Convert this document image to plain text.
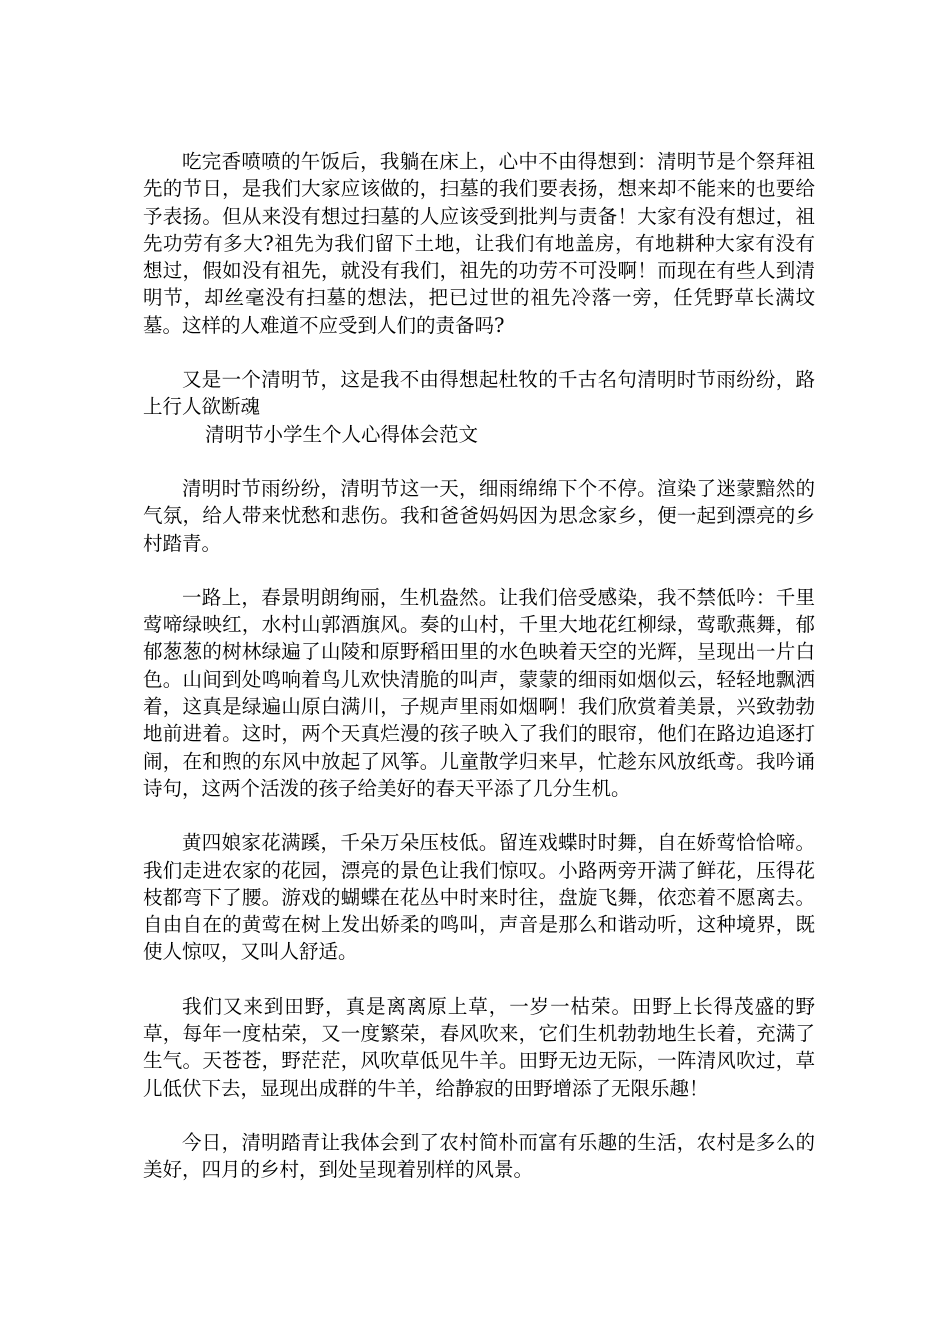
吃完香喷喷的午饭后，我躺在床上，心中不由得想到：清明节是个祭拜祖先的节日，是我们大家应该做的，扫墓的我们要表扬，想来却不能来的也要给予表扬。但从来没有想过扫墓的人应该受到批判与责备！大家有没有想过，祖先功劳有多大?祖先为我们留下土地，让我们有地盖房，有地耕种大家有没有想过，假如没有祖先，就没有我们，祖先的功劳不可没啊！而现在有些人到清明节，却丝毫没有扫墓的想法，把已过世的祖先冷落一旁，任凭野草长满坟墓。这样的人难道不应受到人们的责备吗?

又是一个清明节，这是我不由得想起杜牧的千古名句清明时节雨纷纷，路上行人欲断魂

清明节小学生个人心得体会范文

清明时节雨纷纷，清明节这一天，细雨绵绵下个不停。渲染了迷蒙黯然的气氛，给人带来忧愁和悲伤。我和爸爸妈妈因为思念家乡，便一起到漂亮的乡村踏青。

一路上，春景明朗绚丽，生机盎然。让我们倍受感染，我不禁低吟：千里莺啼绿映红，水村山郭酒旗风。奏的山村，千里大地花红柳绿，莺歌燕舞，郁郁葱葱的树林绿遍了山陵和原野稻田里的水色映着天空的光辉，呈现出一片白色。山间到处鸣响着鸟儿欢快清脆的叫声，蒙蒙的细雨如烟似云，轻轻地飘洒着，这真是绿遍山原白满川，子规声里雨如烟啊！我们欣赏着美景，兴致勃勃地前进着。这时，两个天真烂漫的孩子映入了我们的眼帘，他们在路边追逐打闹，在和煦的东风中放起了风筝。儿童散学归来早，忙趁东风放纸鸢。我吟诵诗句，这两个活泼的孩子给美好的春天平添了几分生机。

黄四娘家花满蹊，千朵万朵压枝低。留连戏蝶时时舞，自在娇莺恰恰啼。我们走进农家的花园，漂亮的景色让我们惊叹。小路两旁开满了鲜花，压得花枝都弯下了腰。游戏的蝴蝶在花丛中时来时往，盘旋飞舞，依恋着不愿离去。自由自在的黄莺在树上发出娇柔的鸣叫，声音是那么和谐动听，这种境界，既使人惊叹，又叫人舒适。

我们又来到田野，真是离离原上草，一岁一枯荣。田野上长得茂盛的野草，每年一度枯荣，又一度繁荣，春风吹来，它们生机勃勃地生长着，充满了生气。天苍苍，野茫茫，风吹草低见牛羊。田野无边无际，一阵清风吹过，草儿低伏下去，显现出成群的牛羊，给静寂的田野增添了无限乐趣！

今日，清明踏青让我体会到了农村简朴而富有乐趣的生活，农村是多么的美好，四月的乡村，到处呈现着别样的风景。
